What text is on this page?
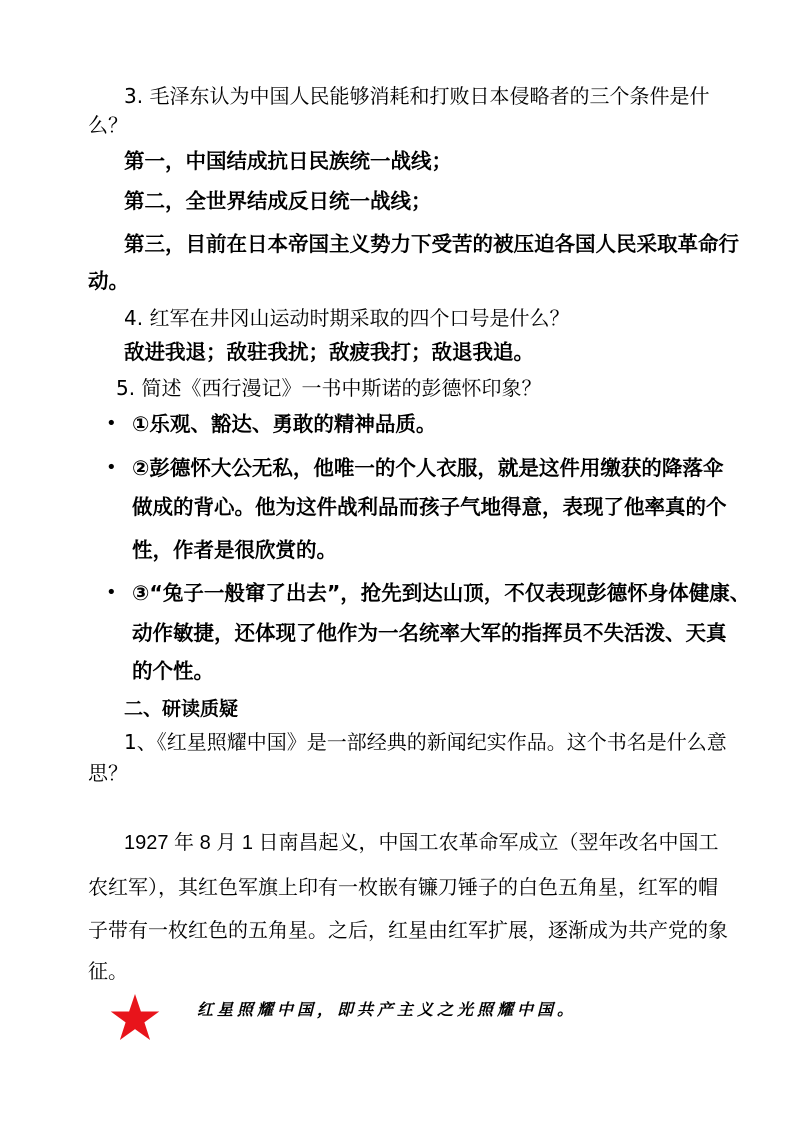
3. 毛泽东认为中国人民能够消耗和打败日本侵略者的三个条件是什
么？
第一，中国结成抗日民族统一战线；
第二，全世界结成反日统一战线；
第三，目前在日本帝国主义势力下受苦的被压迫各国人民采取革命行
动。
4. 红军在井冈山运动时期采取的四个口号是什么？
敌进我退；敌驻我扰；敌疲我打；敌退我追。
5. 简述《西行漫记》一书中斯诺的彭德怀印象？
• ①乐观、豁达、勇敢的精神品质。
• ②彭德怀大公无私，他唯一的个人衣服，就是这件用缴获的降落伞
做成的背心。他为这件战利品而孩子气地得意，表现了他率真的个
性，作者是很欣赏的。
• ③“兔子一般窜了出去”，抢先到达山顶，不仅表现彭德怀身体健康、
动作敏捷，还体现了他作为一名统率大军的指挥员不失活泼、天真
的个性。
二、研读质疑
1、《红星照耀中国》是一部经典的新闻纪实作品。这个书名是什么意
思？
1927 年 8 月 1 日南昌起义，中国工农革命军成立（翌年改名中国工
农红军），其红色军旗上印有一枚嵌有镰刀锤子的白色五角星，红军的帽
子带有一枚红色的五角星。之后，红星由红军扩展，逐渐成为共产党的象
征。
红星照耀中国，即共产主义之光照耀中国。
